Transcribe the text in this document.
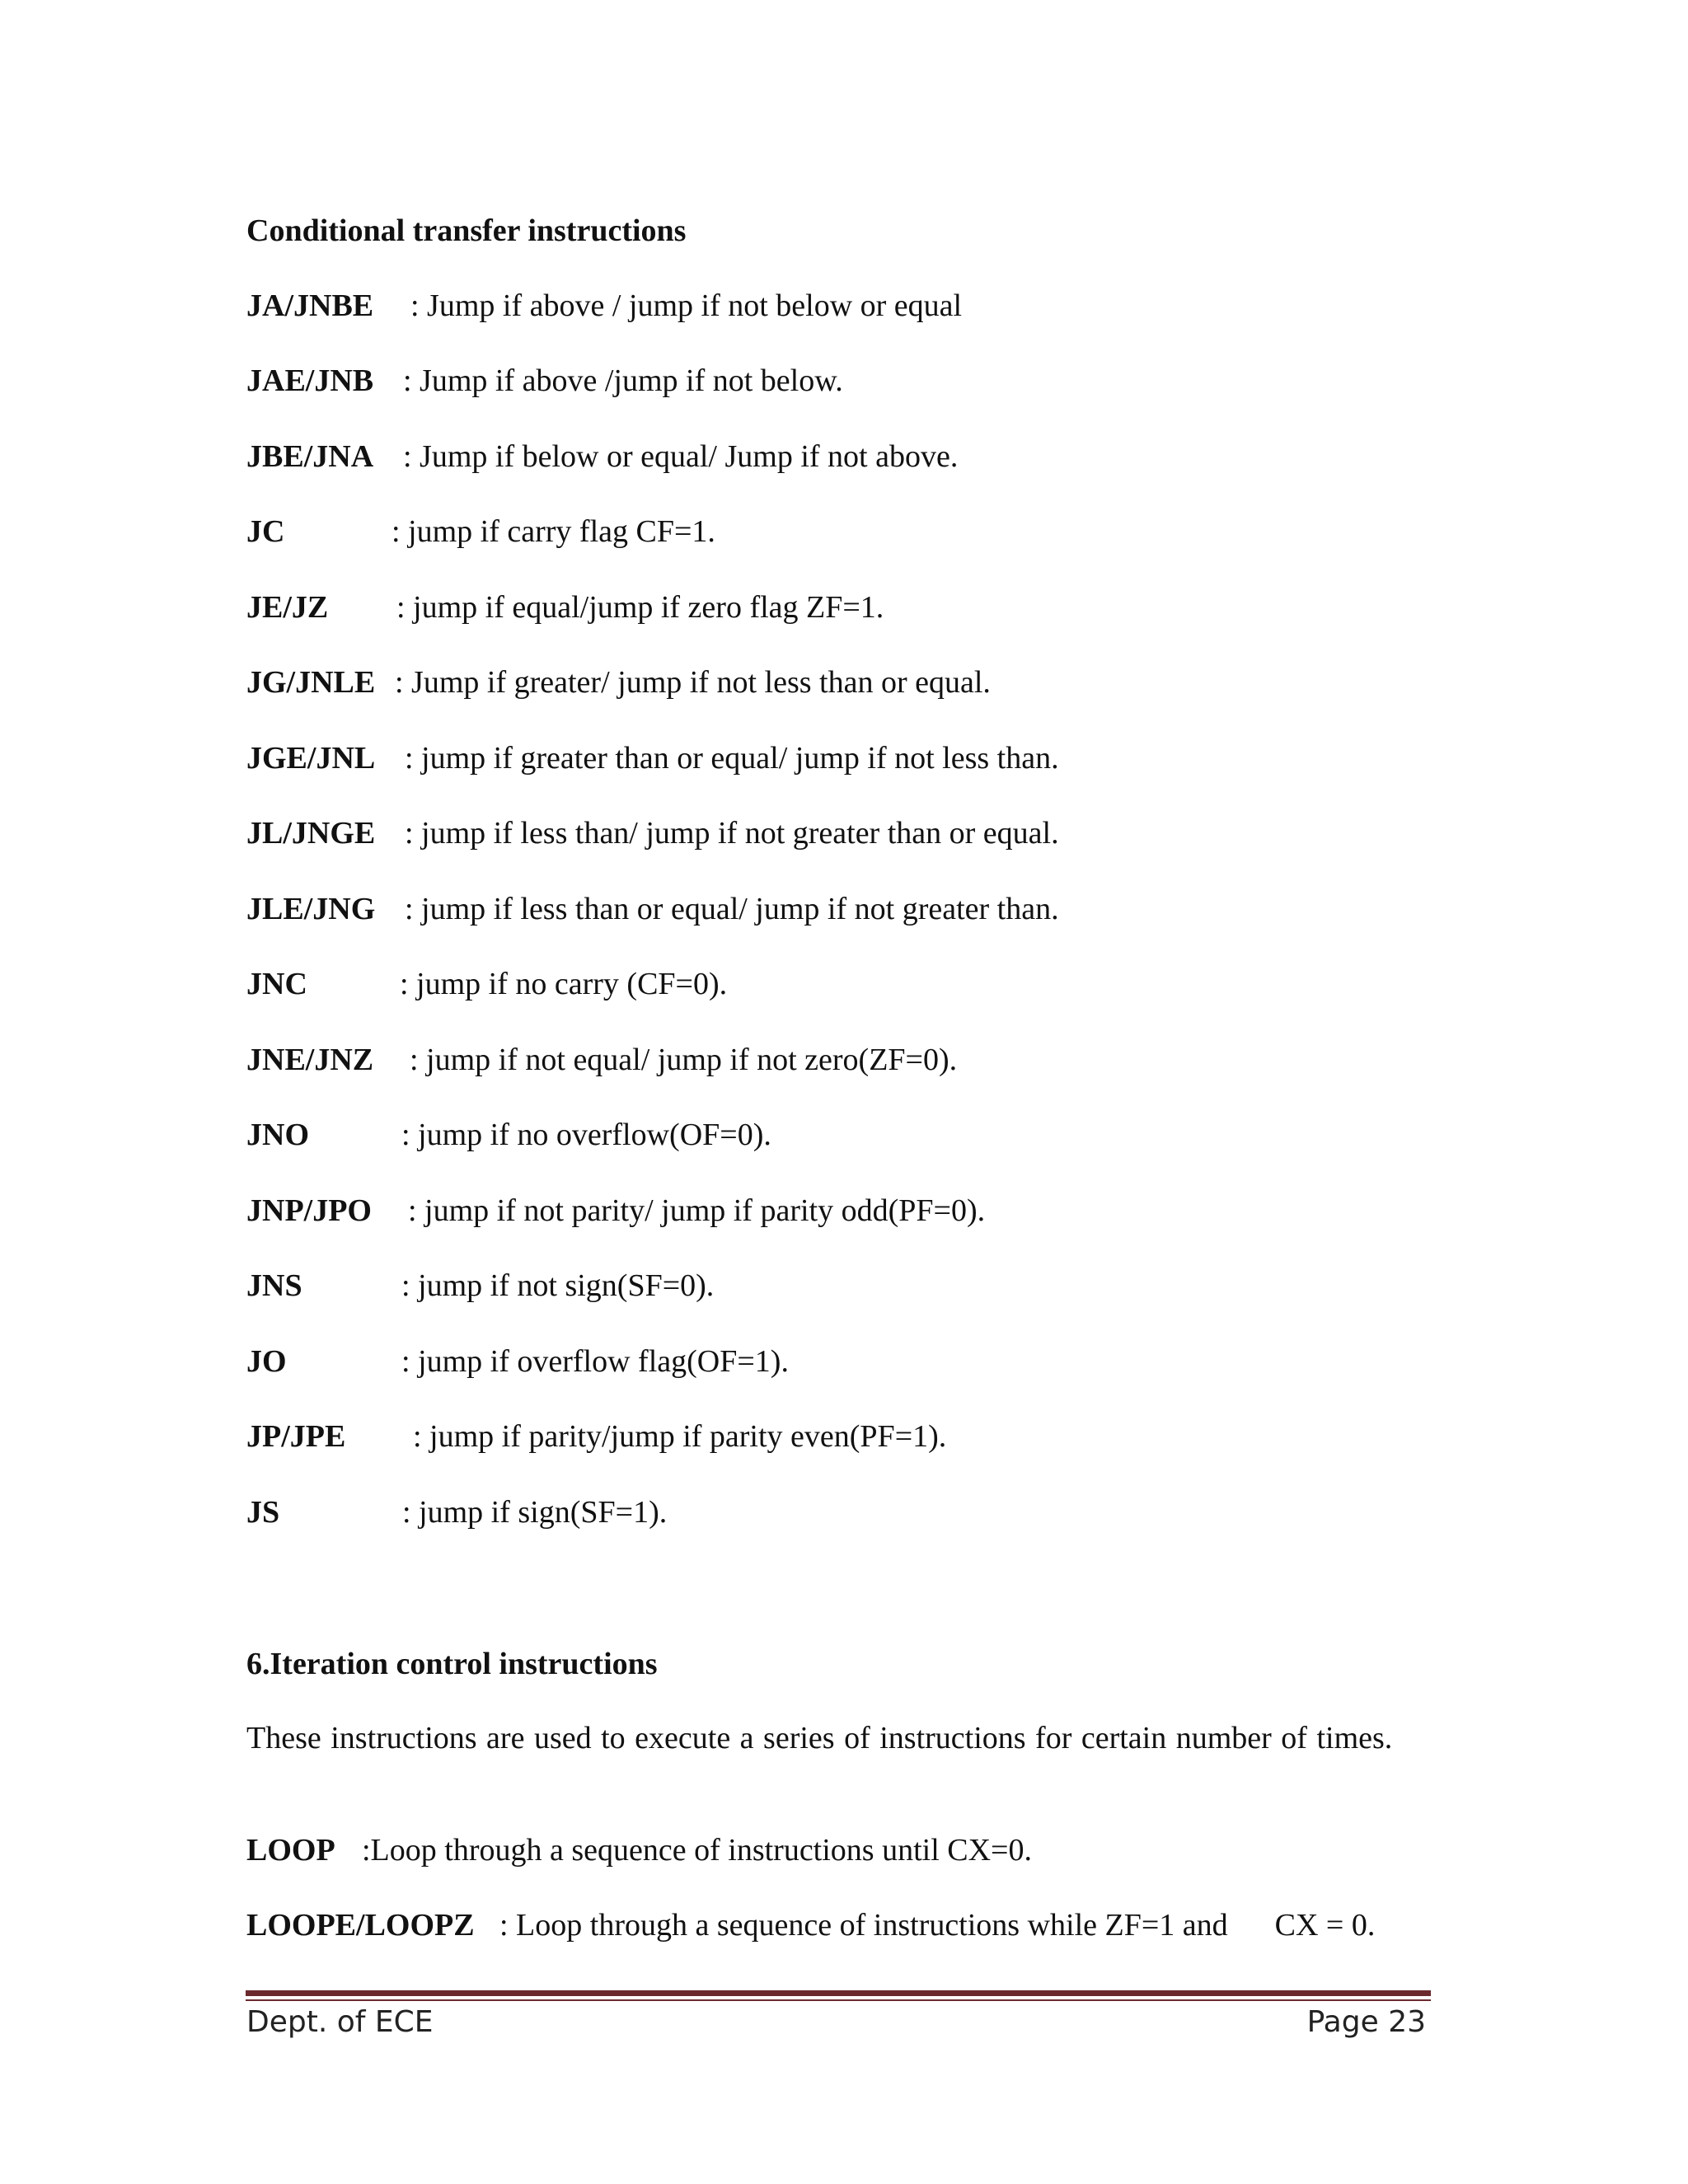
Conditional transfer instructions
JA/JNBE : Jump if above / jump if not below or equal
JAE/JNB : Jump if above /jump if not below.
JBE/JNA : Jump if below or equal/ Jump if not above.
JC	: jump if carry flag CF=1.
JE/JZ : jump if equal/jump if zero flag ZF=1.
JG/JNLE : Jump if greater/ jump if not less than or equal.
JGE/JNL : jump if greater than or equal/ jump if not less than.
JL/JNGE : jump if less than/ jump if not greater than or equal.
JLE/JNG : jump if less than or equal/ jump if not greater than.
JNC	: jump if no carry (CF=0).
JNE/JNZ : jump if not equal/ jump if not zero(ZF=0).
JNO	: jump if no overflow(OF=0).
JNP/JPO : jump if not parity/ jump if parity odd(PF=0).
JNS	: jump if not sign(SF=0).
JO	: jump if overflow flag(OF=1).
JP/JPE : jump if parity/jump if parity even(PF=1).
JS	: jump if sign(SF=1).
6.Iteration control instructions
These instructions are used to execute a series of instructions for certain number of times.
LOOP :Loop through a sequence of instructions until CX=0.
LOOPE/LOOPZ : Loop through a sequence of instructions while ZF=1 and      CX = 0.
Dept. of ECE	Page 23
